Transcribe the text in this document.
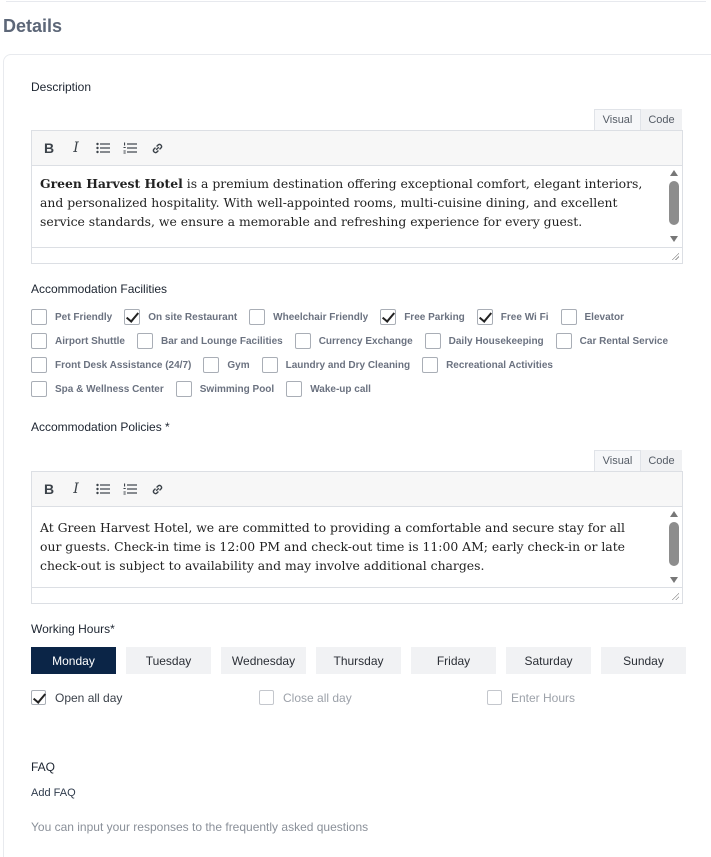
Details
Description
Visual	Code
B	I
Green Harvest Hotel is a premium destination offering exceptional comfort, elegant interiors, and personalized hospitality. With well-appointed rooms, multi-cuisine dining, and excellent service standards, we ensure a memorable and refreshing experience for every guest.
Accommodation Facilities
Pet Friendly	On site Restaurant	Wheelchair Friendly	Free Parking	Free Wi Fi	Elevator
Airport Shuttle	Bar and Lounge Facilities	Currency Exchange	Daily Housekeeping	Car Rental Service
Front Desk Assistance (24/7)	Gym	Laundry and Dry Cleaning	Recreational Activities
Spa & Wellness Center	Swimming Pool	Wake-up call
Accommodation Policies *
Visual	Code
B	I
At Green Harvest Hotel, we are committed to providing a comfortable and secure stay for all our guests. Check-in time is 12:00 PM and check-out time is 11:00 AM; early check-in or late check-out is subject to availability and may involve additional charges.
Working Hours*
Monday	Tuesday	Wednesday	Thursday	Friday	Saturday	Sunday
Open all day	Close all day	Enter Hours
FAQ
Add FAQ
You can input your responses to the frequently asked questions
